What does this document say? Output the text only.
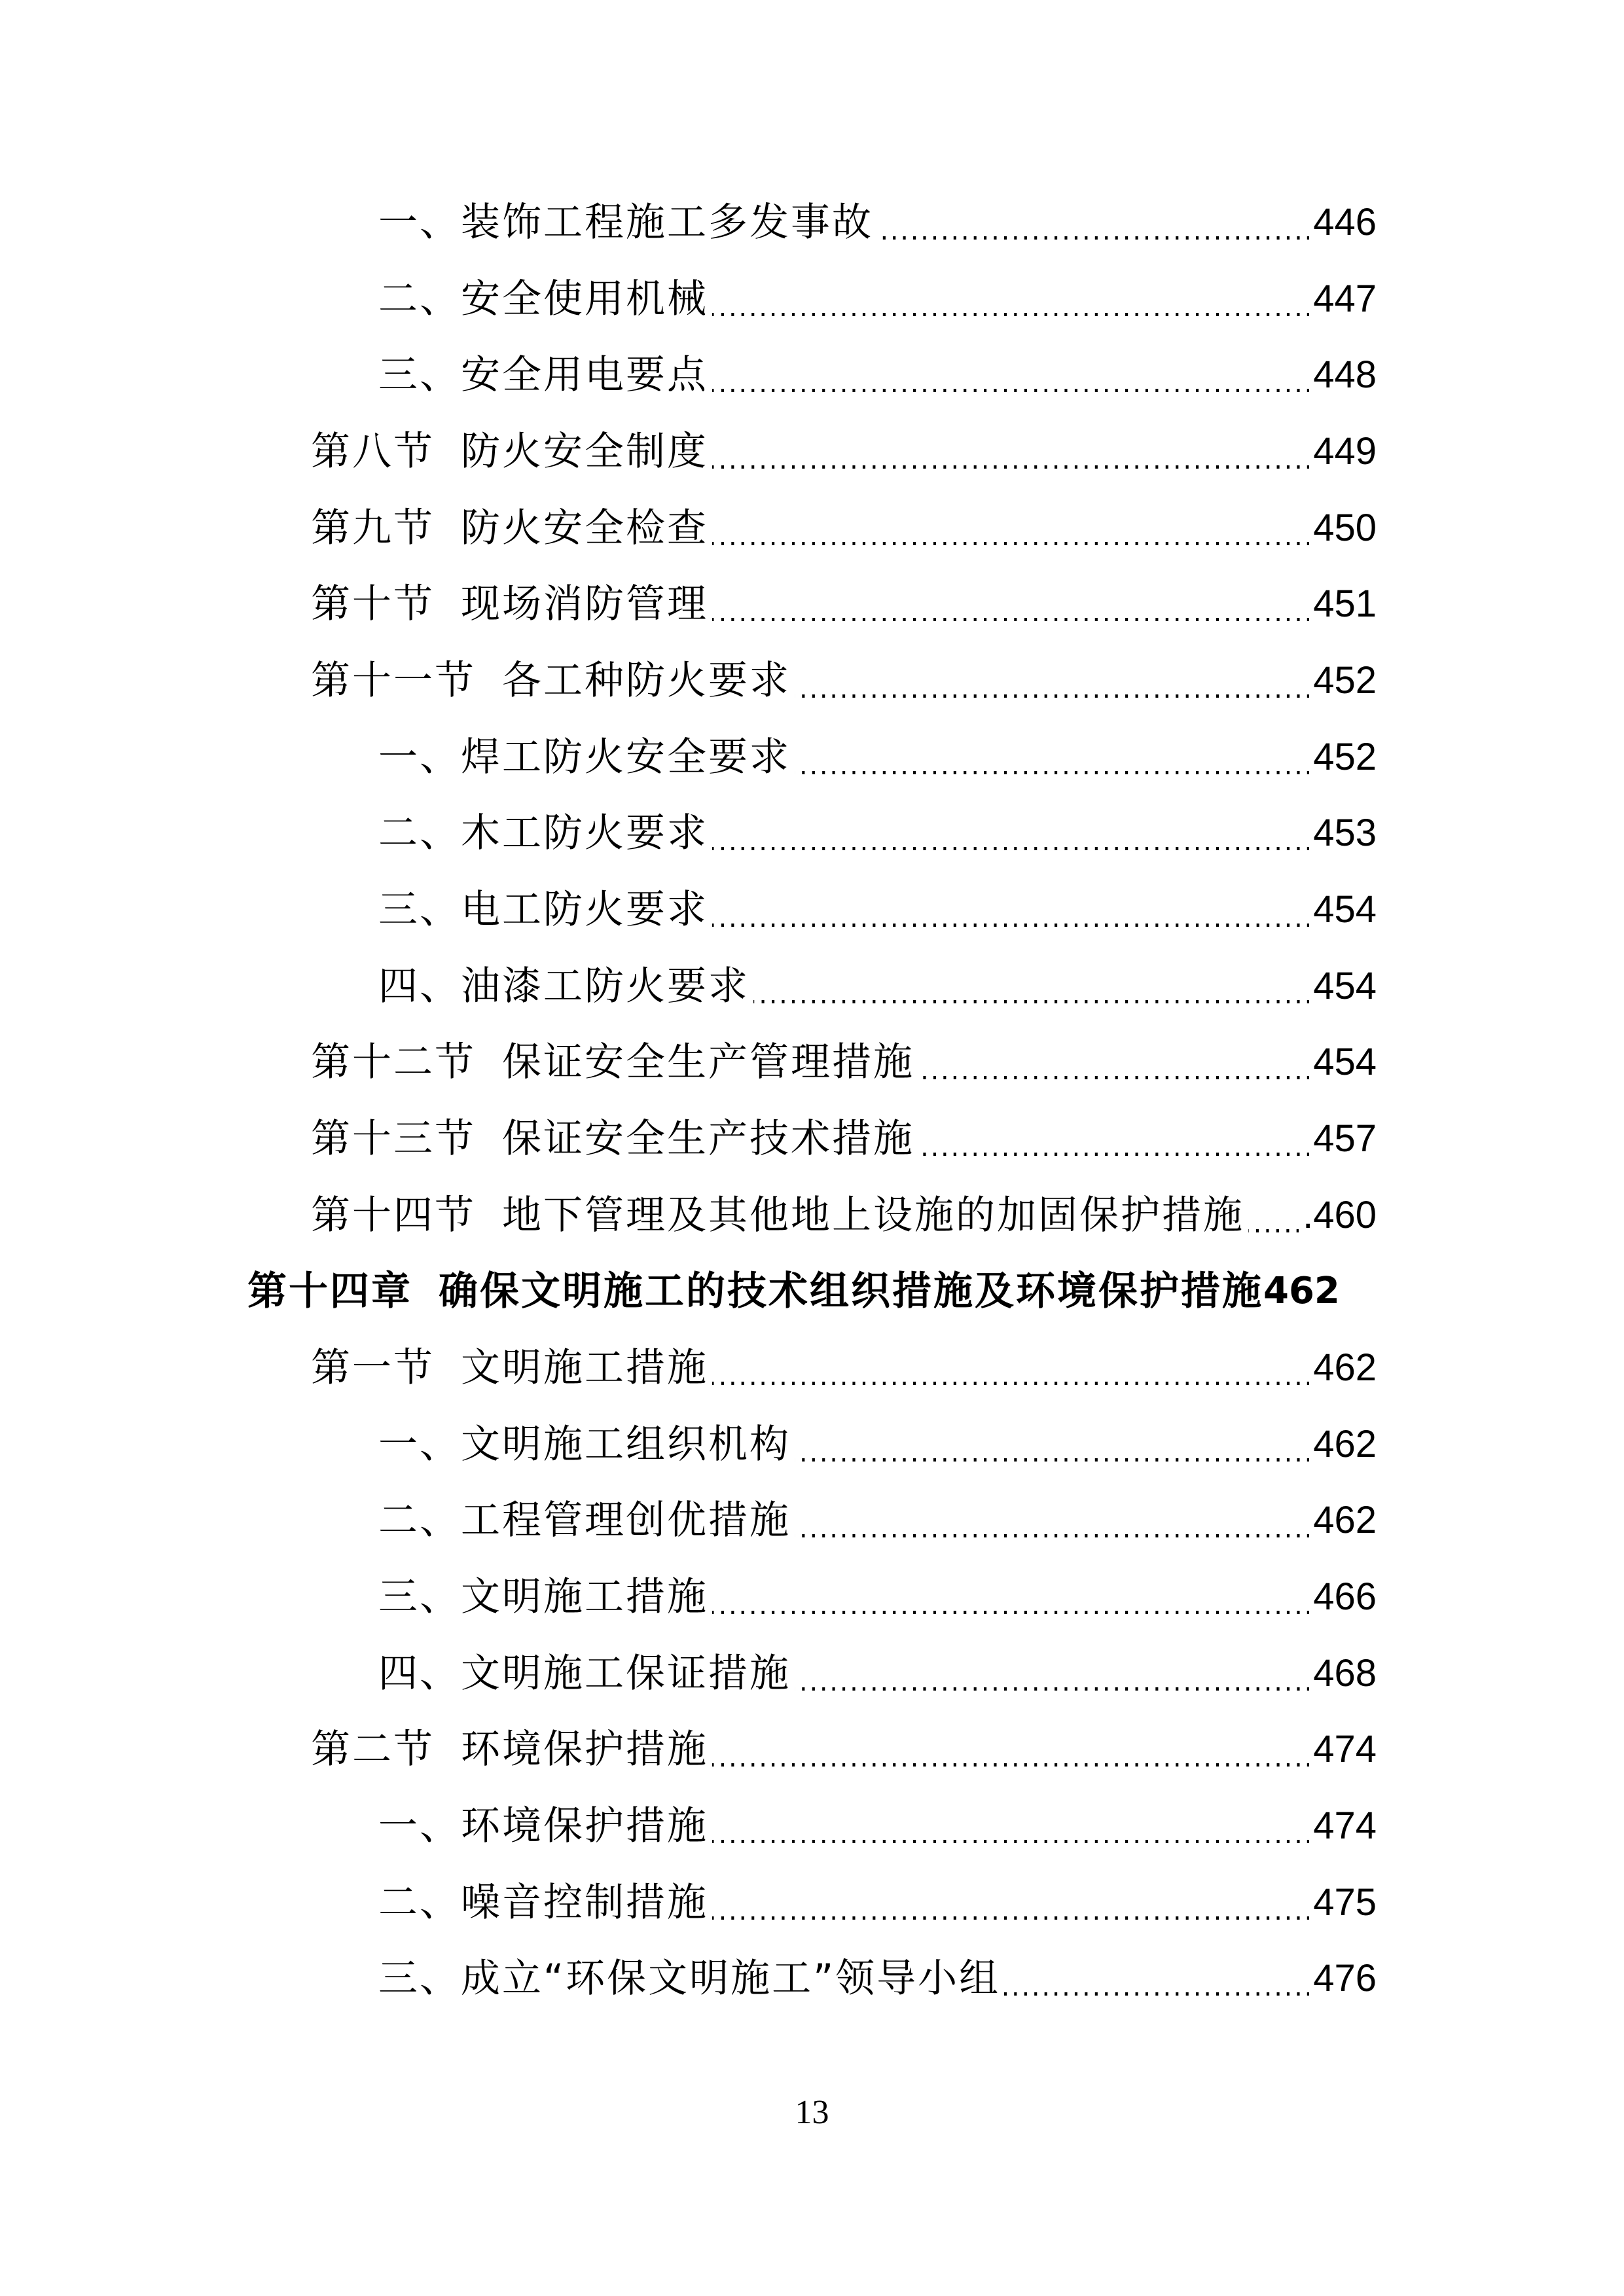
一、装饰工程施工多发事故 . . .	446
二、安全使用机械 . . .	447
三、安全用电要点 . . .	448
第八节 防火安全制度 . . .	449
第九节 防火安全检查 . . .	450
第十节 现场消防管理 . . .	451
第十一节 各工种防火要求 . . .	452
一、焊工防火安全要求 . . .	452
二、木工防火要求 . . .	453
三、电工防火要求 . . .	454
四、油漆工防火要求 . . .	454
第十二节 保证安全生产管理措施 . . .	454
第十三节 保证安全生产技术措施 . . .	457
第十四节 地下管理及其他地上设施的加固保护措施 . . . .460
第十四章 确保文明施工的技术组织措施及环境保护措施 462
第一节 文明施工措施 . . .	462
一、文明施工组织机构 . . .	462
二、工程管理创优措施 . . .	462
三、文明施工措施 . . .	466
四、文明施工保证措施 . . .	468
第二节 环境保护措施 . . .	474
一、环境保护措施 . . .	474
二、噪音控制措施 . . .	475
三、成立“环保文明施工”领导小组 . . .	476
13
